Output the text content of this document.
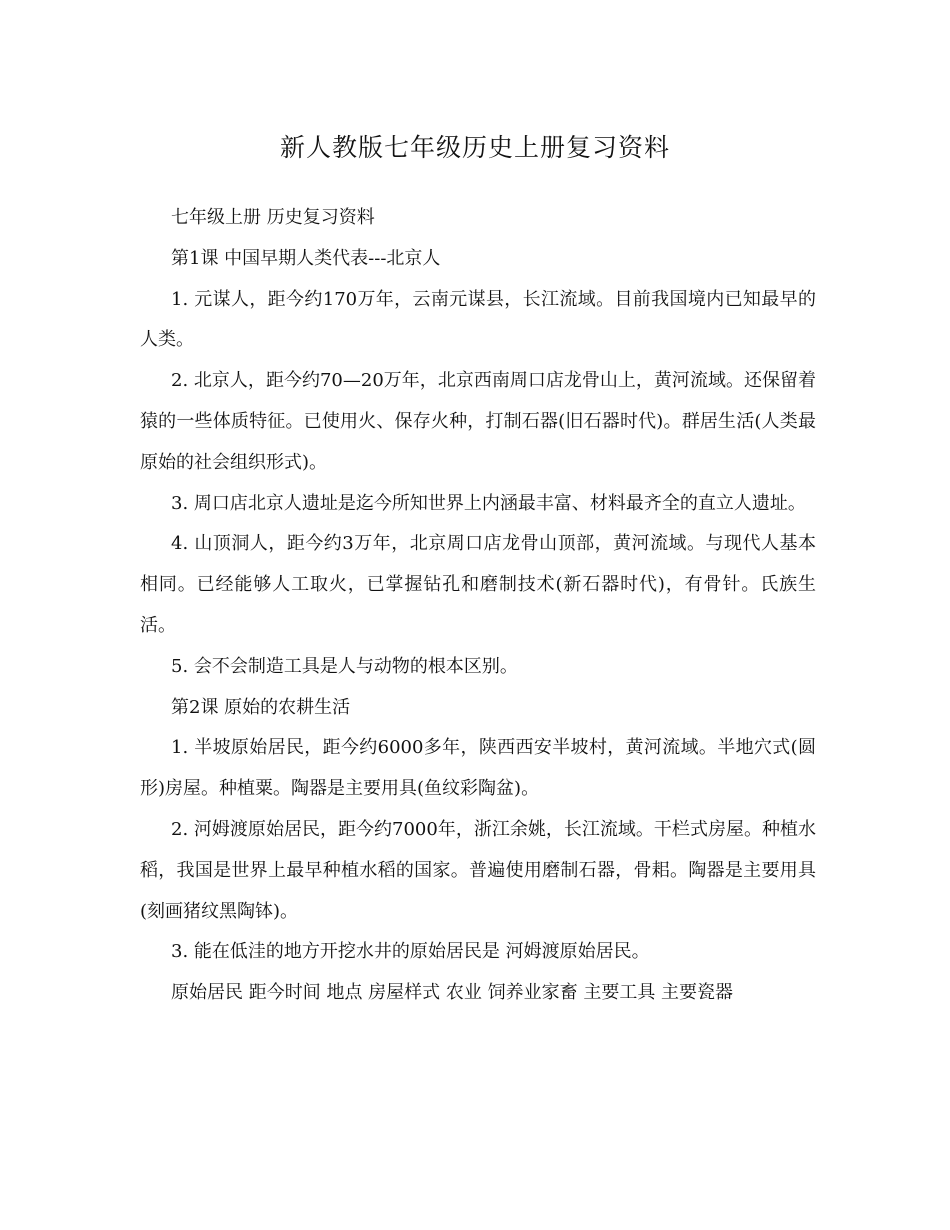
新人教版七年级历史上册复习资料

七年级上册 历史复习资料

第1课 中国早期人类代表---北京人

1. 元谋人，距今约170万年，云南元谋县，长江流域。目前我国境内已知最早的人类。

2. 北京人，距今约70—20万年，北京西南周口店龙骨山上，黄河流域。还保留着猿的一些体质特征。已使用火、保存火种，打制石器(旧石器时代)。群居生活(人类最原始的社会组织形式)。

3. 周口店北京人遗址是迄今所知世界上内涵最丰富、材料最齐全的直立人遗址。

4. 山顶洞人，距今约3万年，北京周口店龙骨山顶部，黄河流域。与现代人基本相同。已经能够人工取火，已掌握钻孔和磨制技术(新石器时代)，有骨针。氏族生活。

5. 会不会制造工具是人与动物的根本区别。

第2课 原始的农耕生活

1. 半坡原始居民，距今约6000多年，陕西西安半坡村，黄河流域。半地穴式(圆形)房屋。种植粟。陶器是主要用具(鱼纹彩陶盆)。

2. 河姆渡原始居民，距今约7000年，浙江余姚，长江流域。干栏式房屋。种植水稻，我国是世界上最早种植水稻的国家。普遍使用磨制石器，骨耜。陶器是主要用具(刻画猪纹黑陶钵)。

3. 能在低洼的地方开挖水井的原始居民是 河姆渡原始居民。

原始居民 距今时间 地点 房屋样式 农业 饲养业家畜 主要工具 主要瓷器
